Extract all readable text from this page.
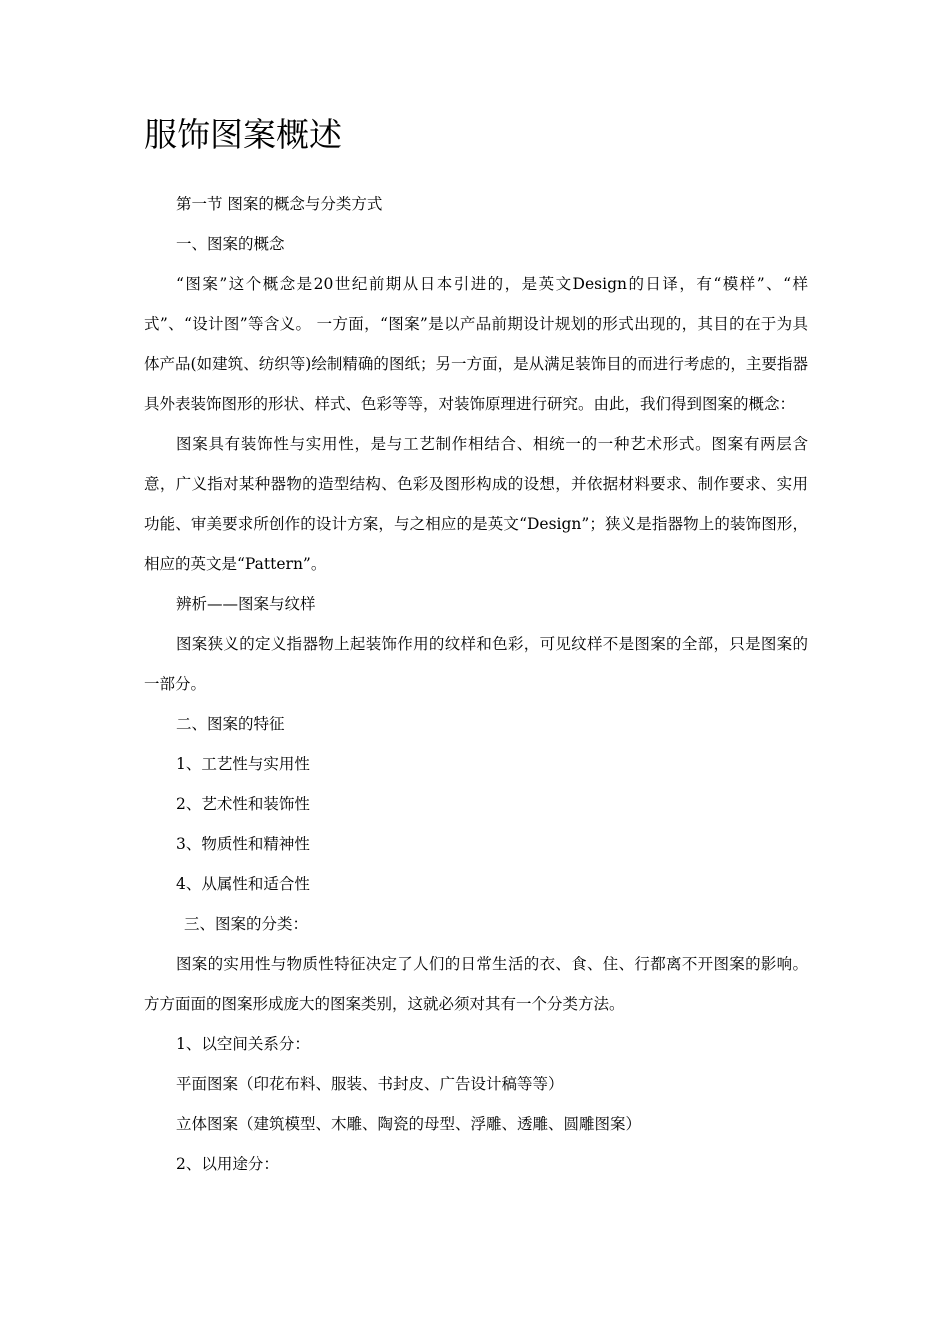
服饰图案概述

第一节 图案的概念与分类方式

一、图案的概念

“图案”这个概念是20世纪前期从日本引进的，是英文Design的日译，有“模样”、“样式”、“设计图”等含义。 一方面，“图案”是以产品前期设计规划的形式出现的，其目的在于为具体产品(如建筑、纺织等)绘制精确的图纸；另一方面，是从满足装饰目的而进行考虑的，主要指器具外表装饰图形的形状、样式、色彩等等，对装饰原理进行研究。由此，我们得到图案的概念：

图案具有装饰性与实用性，是与工艺制作相结合、相统一的一种艺术形式。图案有两层含意，广义指对某种器物的造型结构、色彩及图形构成的设想，并依据材料要求、制作要求、实用功能、审美要求所创作的设计方案，与之相应的是英文“Design”；狭义是指器物上的装饰图形，相应的英文是“Pattern”。

辨析——图案与纹样

图案狭义的定义指器物上起装饰作用的纹样和色彩，可见纹样不是图案的全部，只是图案的一部分。

二、图案的特征

1、工艺性与实用性

2、艺术性和装饰性

3、物质性和精神性

4、从属性和适合性

三、图案的分类：

图案的实用性与物质性特征决定了人们的日常生活的衣、食、住、行都离不开图案的影响。方方面面的图案形成庞大的图案类别，这就必须对其有一个分类方法。

1、以空间关系分：

平面图案（印花布料、服装、书封皮、广告设计稿等等）

立体图案（建筑模型、木雕、陶瓷的母型、浮雕、透雕、圆雕图案）

2、以用途分：
